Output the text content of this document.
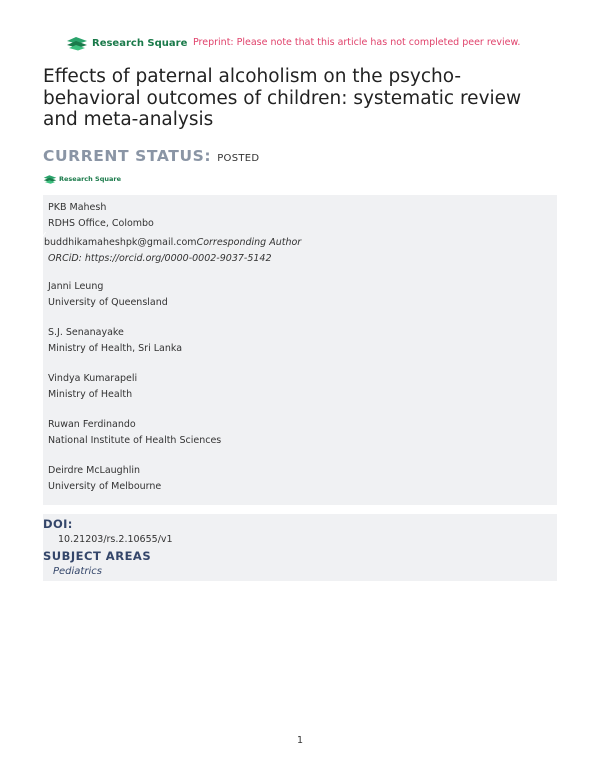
Research Square Preprint: Please note that this article has not completed peer review.
Effects of paternal alcoholism on the psycho-behavioral outcomes of children: systematic review and meta-analysis
CURRENT STATUS: POSTED
Research Square
PKB Mahesh
RDHS Office, Colombo
buddhikamaheshpk@gmail.comCorresponding Author
ORCiD: https://orcid.org/0000-0002-9037-5142
Janni Leung
University of Queensland
S.J. Senanayake
Ministry of Health, Sri Lanka
Vindya Kumarapeli
Ministry of Health
Ruwan Ferdinando
National Institute of Health Sciences
Deirdre McLaughlin
University of Melbourne
DOI:
10.21203/rs.2.10655/v1
SUBJECT AREAS
Pediatrics
1
